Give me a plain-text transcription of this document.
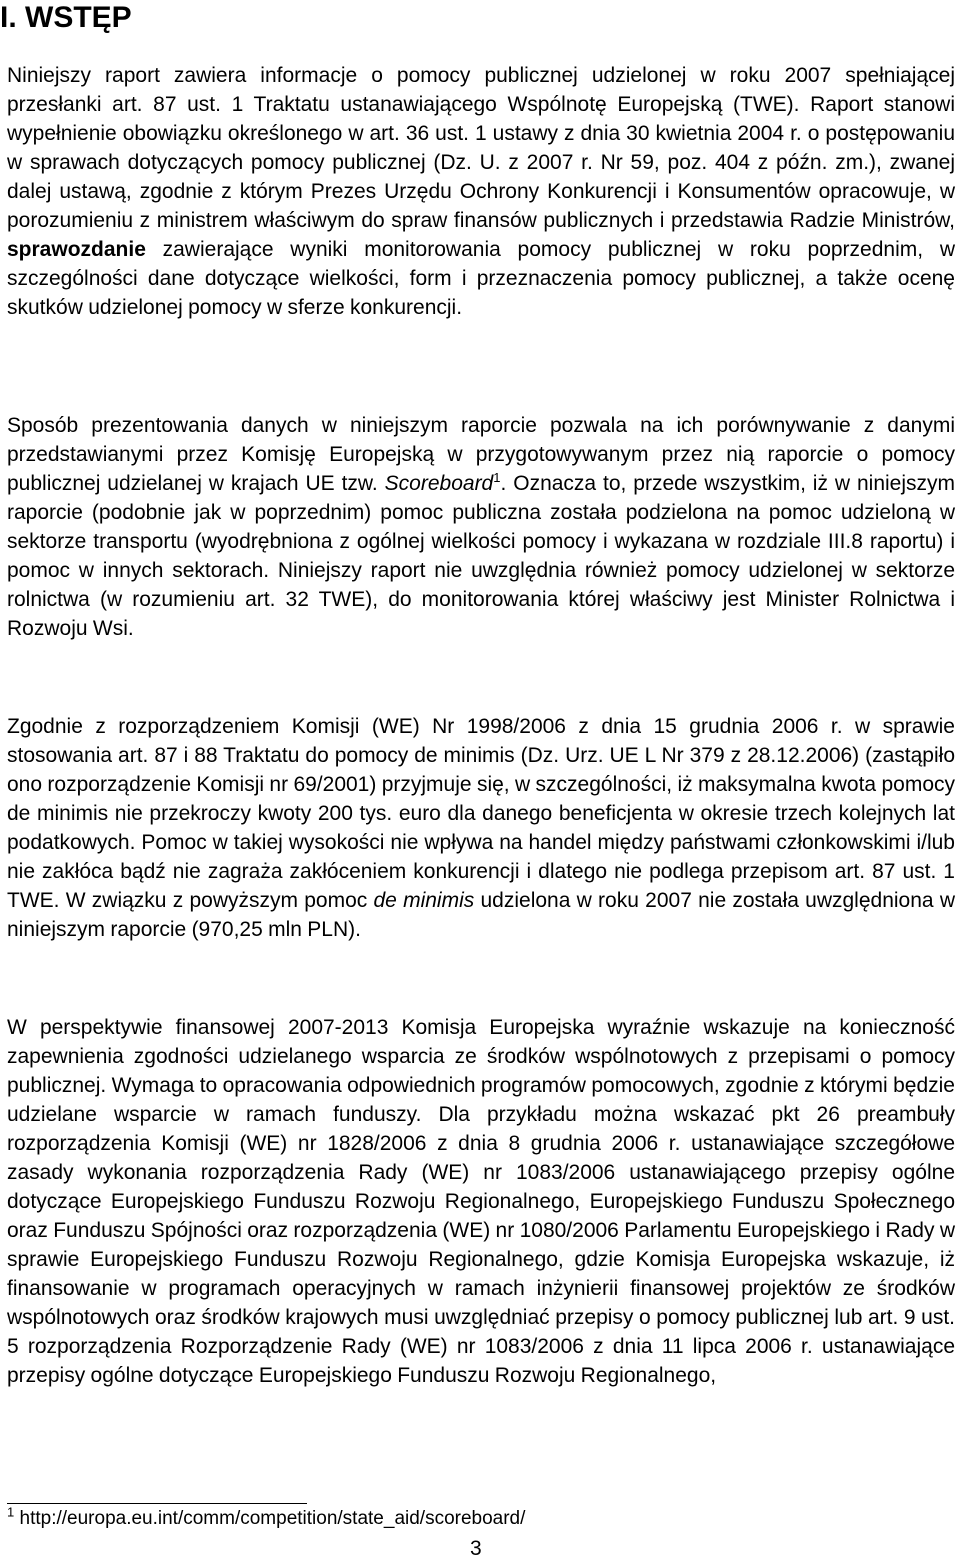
I. WSTĘP

Niniejszy raport zawiera informacje o pomocy publicznej udzielonej w roku 2007 spełniającej przesłanki art. 87 ust. 1 Traktatu ustanawiającego Wspólnotę Europejską (TWE). Raport stanowi wypełnienie obowiązku określonego w art. 36 ust. 1 ustawy z dnia 30 kwietnia 2004 r. o postępowaniu w sprawach dotyczących pomocy publicznej (Dz. U. z 2007 r. Nr 59, poz. 404 z późn. zm.), zwanej dalej ustawą, zgodnie z którym Prezes Urzędu Ochrony Konkurencji i Konsumentów opracowuje, w porozumieniu z ministrem właściwym do spraw finansów publicznych i przedstawia Radzie Ministrów, sprawozdanie zawierające wyniki monitorowania pomocy publicznej w roku poprzednim, w szczególności dane dotyczące wielkości, form i przeznaczenia pomocy publicznej, a także ocenę skutków udzielonej pomocy w sferze konkurencji.

Sposób prezentowania danych w niniejszym raporcie pozwala na ich porównywanie z danymi przedstawianymi przez Komisję Europejską w przygotowywanym przez nią raporcie o pomocy publicznej udzielanej w krajach UE tzw. Scoreboard$^1$. Oznacza to, przede wszystkim, iż w niniejszym raporcie (podobnie jak w poprzednim) pomoc publiczna została podzielona na pomoc udzieloną w sektorze transportu (wyodrębniona z ogólnej wielkości pomocy i wykazana w rozdziale III.8 raportu) i pomoc w innych sektorach. Niniejszy raport nie uwzględnia również pomocy udzielonej w sektorze rolnictwa (w rozumieniu art. 32 TWE), do monitorowania której właściwy jest Minister Rolnictwa i Rozwoju Wsi.

Zgodnie z rozporządzeniem Komisji (WE) Nr 1998/2006 z dnia 15 grudnia 2006 r. w sprawie stosowania art. 87 i 88 Traktatu do pomocy de minimis (Dz. Urz. UE L Nr 379 z 28.12.2006) (zastąpiło ono rozporządzenie Komisji nr 69/2001) przyjmuje się, w szczególności, iż maksymalna kwota pomocy de minimis nie przekroczy kwoty 200 tys. euro dla danego beneficjenta w okresie trzech kolejnych lat podatkowych. Pomoc w takiej wysokości nie wpływa na handel między państwami członkowskimi i/lub nie zakłóca bądź nie zagraża zakłóceniem konkurencji i dlatego nie podlega przepisom art. 87 ust. 1 TWE. W związku z powyższym pomoc de minimis udzielona w roku 2007 nie została uwzględniona w niniejszym raporcie (970,25 mln PLN).

W perspektywie finansowej 2007-2013 Komisja Europejska wyraźnie wskazuje na konieczność zapewnienia zgodności udzielanego wsparcia ze środków wspólnotowych z przepisami o pomocy publicznej. Wymaga to opracowania odpowiednich programów pomocowych, zgodnie z którymi będzie udzielane wsparcie w ramach funduszy. Dla przykładu można wskazać pkt 26 preambuły rozporządzenia Komisji (WE) nr 1828/2006 z dnia 8 grudnia 2006 r. ustanawiające szczegółowe zasady wykonania rozporządzenia Rady (WE) nr 1083/2006 ustanawiającego przepisy ogólne dotyczące Europejskiego Funduszu Rozwoju Regionalnego, Europejskiego Funduszu Społecznego oraz Funduszu Spójności oraz rozporządzenia (WE) nr 1080/2006 Parlamentu Europejskiego i Rady w sprawie Europejskiego Funduszu Rozwoju Regionalnego, gdzie Komisja Europejska wskazuje, iż finansowanie w programach operacyjnych w ramach inżynierii finansowej projektów ze środków wspólnotowych oraz środków krajowych musi uwzględniać przepisy o pomocy publicznej lub art. 9 ust. 5 rozporządzenia Rozporządzenie Rady (WE) nr 1083/2006 z dnia 11 lipca 2006 r. ustanawiające przepisy ogólne dotyczące Europejskiego Funduszu Rozwoju Regionalnego,

$^1$ http://europa.eu.int/comm/competition/state_aid/scoreboard/
3
